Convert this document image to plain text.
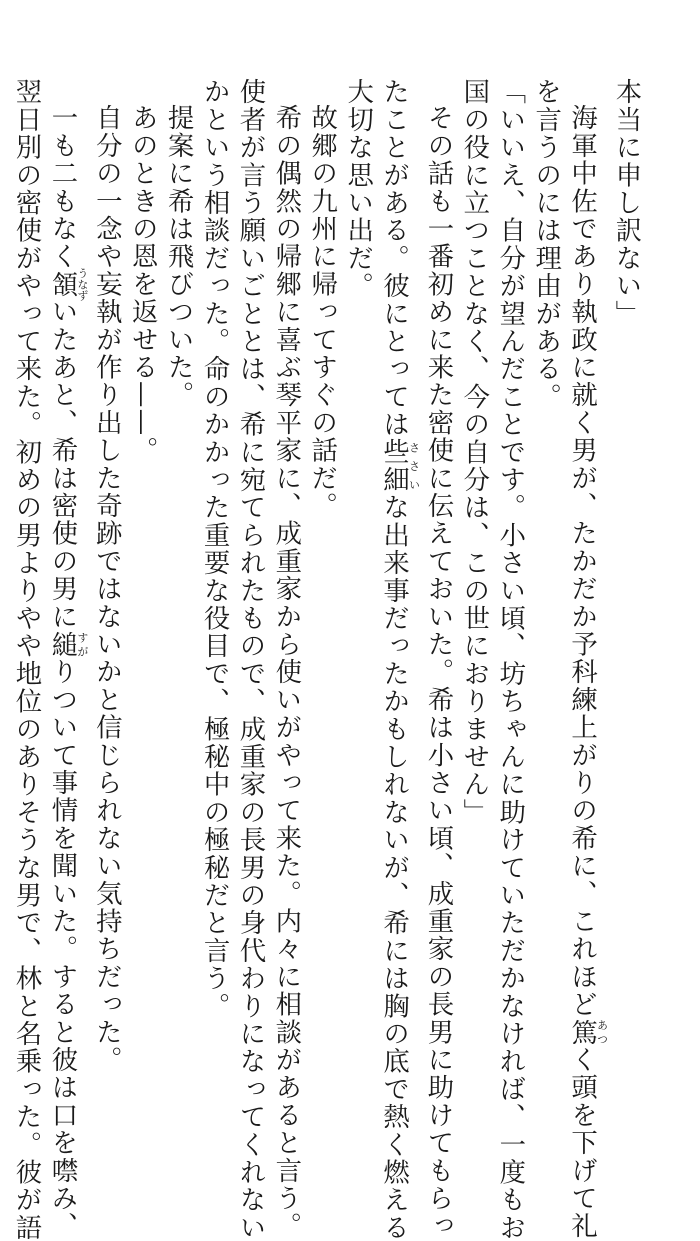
本当に申し訳ない」

海軍中佐であり執政に就く男が、たかだか予科練上がりの希に、これほど篤あつく頭を下げて礼

を言うのには理由がある。

「いいえ、自分が望んだことです。小さい頃、坊ちゃんに助けていただかなければ、一度もお

国の役に立つことなく、今の自分は、この世におりません」

その話も一番初めに来た密使に伝えておいた。希は小さい頃、成重家の長男に助けてもらっ

たことがある。彼にとっては些細ささいな出来事だったかもしれないが、希には胸の底で熱く燃える

大切な思い出だ。

故郷の九州に帰ってすぐの話だ。

希の偶然の帰郷に喜ぶ琴平家に、成重家から使いがやって来た。内々に相談があると言う。

使者が言う願いごととは、希に宛てられたもので、成重家の長男の身代わりになってくれない

かという相談だった。命のかかった重要な役目で、極秘中の極秘だと言う。

提案に希は飛びついた。

あのときの恩を返せる——。

自分の一念や妄執が作り出した奇跡ではないかと信じられない気持ちだった。

一も二もなく頷うなずいたあと、希は密使の男に縋すがりついて事情を聞いた。すると彼は口を噤み、

翌日別の密使がやって来た。初めの男よりやや地位のありそうな男で、林と名乗った。彼が語
